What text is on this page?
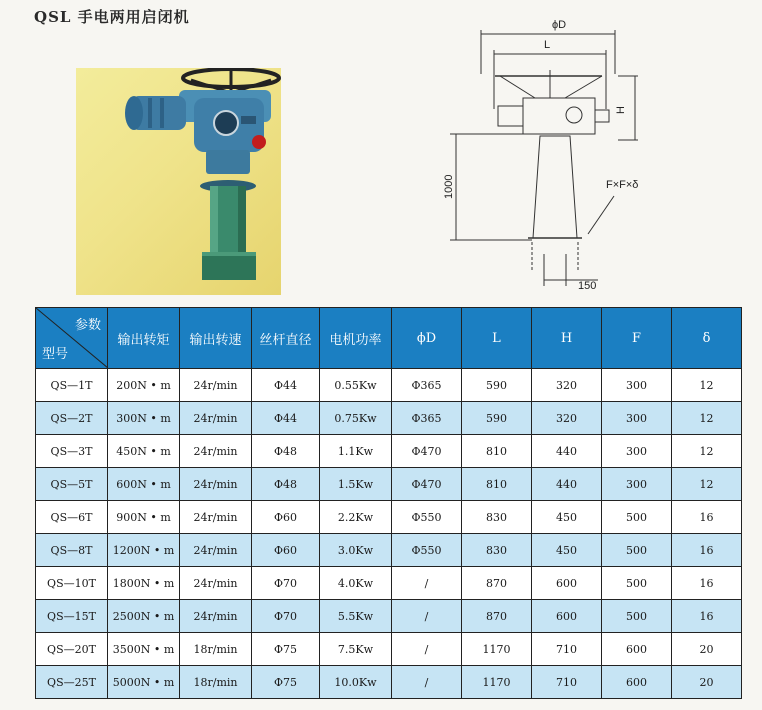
QSL 手电两用启闭机	ϕD
L
H
1000	F×F×δ
150
参数
型号	输出转矩	输出转速	丝杆直径	电机功率	ϕD	L	H	F	δ
QS—1T	200N • m	24r/min	Φ44	0.55Kw	Φ365	590	320	300	12
QS—2T	300N • m	24r/min	Φ44	0.75Kw	Φ365	590	320	300	12
QS—3T	450N • m	24r/min	Φ48	1.1Kw	Φ470	810	440	300	12
QS—5T	600N • m	24r/min	Φ48	1.5Kw	Φ470	810	440	300	12
QS—6T	900N • m	24r/min	Φ60	2.2Kw	Φ550	830	450	500	16
QS—8T	1200N • m	24r/min	Φ60	3.0Kw	Φ550	830	450	500	16
QS—10T	1800N • m	24r/min	Φ70	4.0Kw	/	870	600	500	16
QS—15T	2500N • m	24r/min	Φ70	5.5Kw	/	870	600	500	16
QS—20T	3500N • m	18r/min	Φ75	7.5Kw	/	1170	710	600	20
QS—25T	5000N • m	18r/min	Φ75	10.0Kw	/	1170	710	600	20
